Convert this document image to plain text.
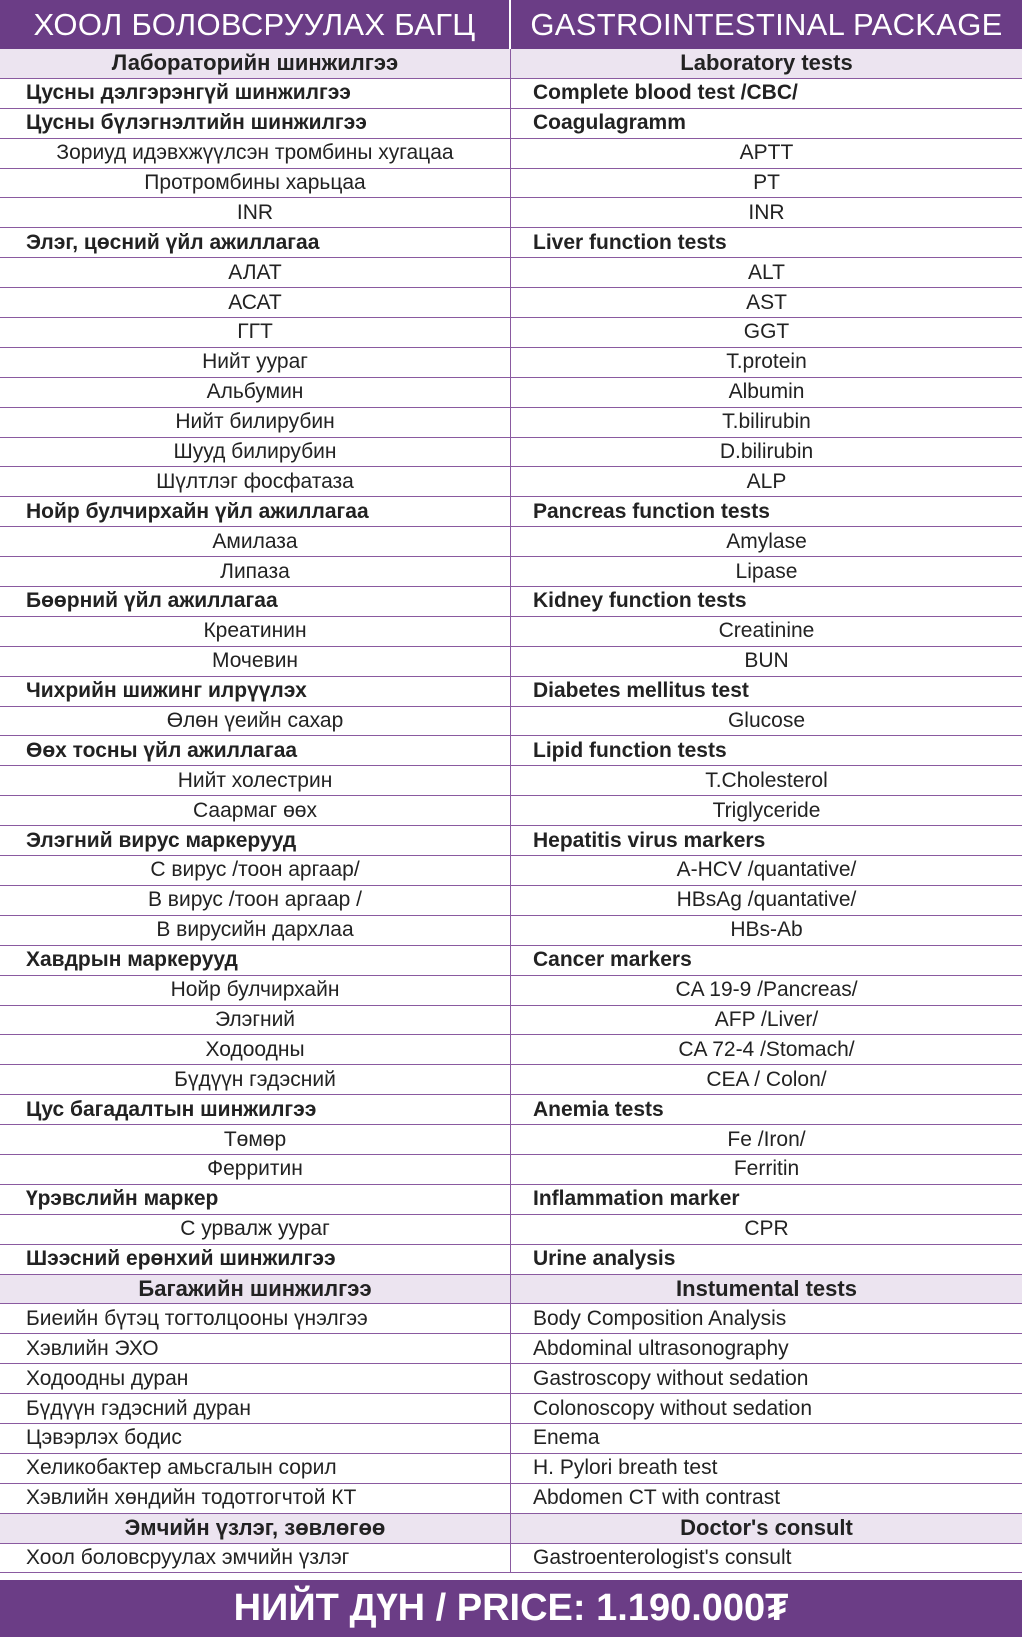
ХООЛ БОЛОВСРУУЛАХ БАГЦ	GASTROINTESTINAL PACKAGE
Лабораторийн шинжилгээ	Laboratory tests
Цусны дэлгэрэнгүй шинжилгээ	Complete blood test /CBC/
Цусны бүлэгнэлтийн шинжилгээ	Coagulagramm
Зориуд идэвхжүүлсэн тромбины хугацаа	APTT
Протромбины харьцаа	PT
INR	INR
Элэг, цөсний үйл ажиллагаа	Liver function tests
АЛАТ	ALT
АСАТ	AST
ГГТ	GGT
Нийт уураг	T.protein
Альбумин	Albumin
Нийт билирубин	T.bilirubin
Шууд билирубин	D.bilirubin
Шүлтлэг фосфатаза	ALP
Нойр булчирхайн үйл ажиллагаа	Pancreas function tests
Амилаза	Amylase
Липаза	Lipase
Бөөрний үйл ажиллагаа	Kidney function tests
Креатинин	Creatinine
Мочевин	BUN
Чихрийн шижинг илрүүлэх	Diabetes mellitus test
Өлөн үеийн сахар	Glucose
Өөх тосны үйл ажиллагаа	Lipid function tests
Нийт холестрин	T.Cholesterol
Саармаг өөх	Triglyceride
Элэгний вирус маркерууд	Hepatitis virus markers
С вирус /тоон аргаар/	A-HCV /quantative/
В вирус /тоон аргаар /	HBsAg /quantative/
В вирусийн дархлаа	HBs-Ab
Хавдрын маркерууд	Cancer markers
Нойр булчирхайн	CA 19-9 /Pancreas/
Элэгний	AFP /Liver/
Ходоодны	CA 72-4 /Stomach/
Бүдүүн гэдэсний	CEA / Colon/
Цус багадалтын шинжилгээ	Anemia tests
Төмөр	Fe /Iron/
Ферритин	Ferritin
Үрэвслийн маркер	Inflammation marker
С урвалж уураг	CPR
Шээсний ерөнхий шинжилгээ	Urine analysis
Багажийн шинжилгээ	Instumental tests
Биеийн бүтэц тогтолцооны үнэлгээ	Body Composition Analysis
Хэвлийн ЭХО	Abdominal ultrasonography
Ходоодны дуран	Gastroscopy without sedation
Бүдүүн гэдэсний дуран	Colonoscopy without sedation
Цэвэрлэх бодис	Enema
Хеликобактер амьсгалын сорил	H. Pylori breath test
Хэвлийн хөндийн тодотгогчтой КТ	Abdomen CT with contrast
Эмчийн үзлэг, зөвлөгөө	Doctor's consult
Хоол боловсруулах эмчийн үзлэг	Gastroenterologist's consult
НИЙТ ДҮН / PRICE: 1.190.000₮
